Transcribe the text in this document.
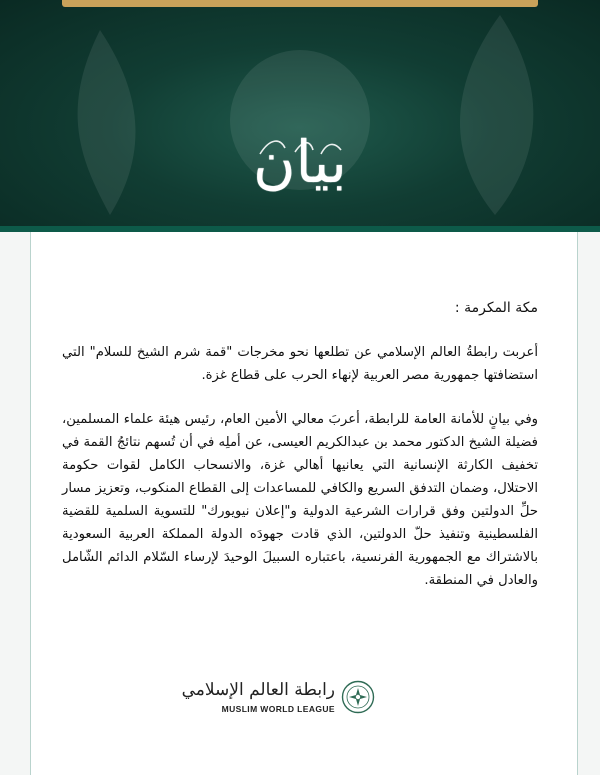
بيان
مكة المكرمة :
أعربت رابطةُ العالم الإسلامي عن تطلعها نحو مخرجات "قمة شرم الشيخ للسلام" التي استضافتها جمهورية مصر العربية لإنهاء الحرب على قطاع غزة.
وفي بيانٍ للأمانة العامة للرابطة، أعربَ معالي الأمين العام، رئيس هيئة علماء المسلمين، فضيلة الشيخ الدكتور محمد بن عبدالكريم العيسى، عن أملِه في أن تُسهم نتائجُ القمة في تخفيف الكارثة الإنسانية التي يعانيها أهالي غزة، والانسحاب الكامل لقوات حكومة الاحتلال، وضمان التدفق السريع والكافي للمساعدات إلى القطاع المنكوب، وتعزيز مسار حلِّ الدولتين وفق قرارات الشرعية الدولية و"إعلان نيويورك" للتسوية السلمية للقضية الفلسطينية وتنفيذ حلّ الدولتين، الذي قادت جهودَه الدولة المملكة العربية السعودية بالاشتراك مع الجمهورية الفرنسية، باعتباره السبيلَ الوحيدَ لإرساء السّلام الدائم الشّامل والعادل في المنطقة.
رابطة العالم الإسلامي
MUSLIM WORLD LEAGUE
